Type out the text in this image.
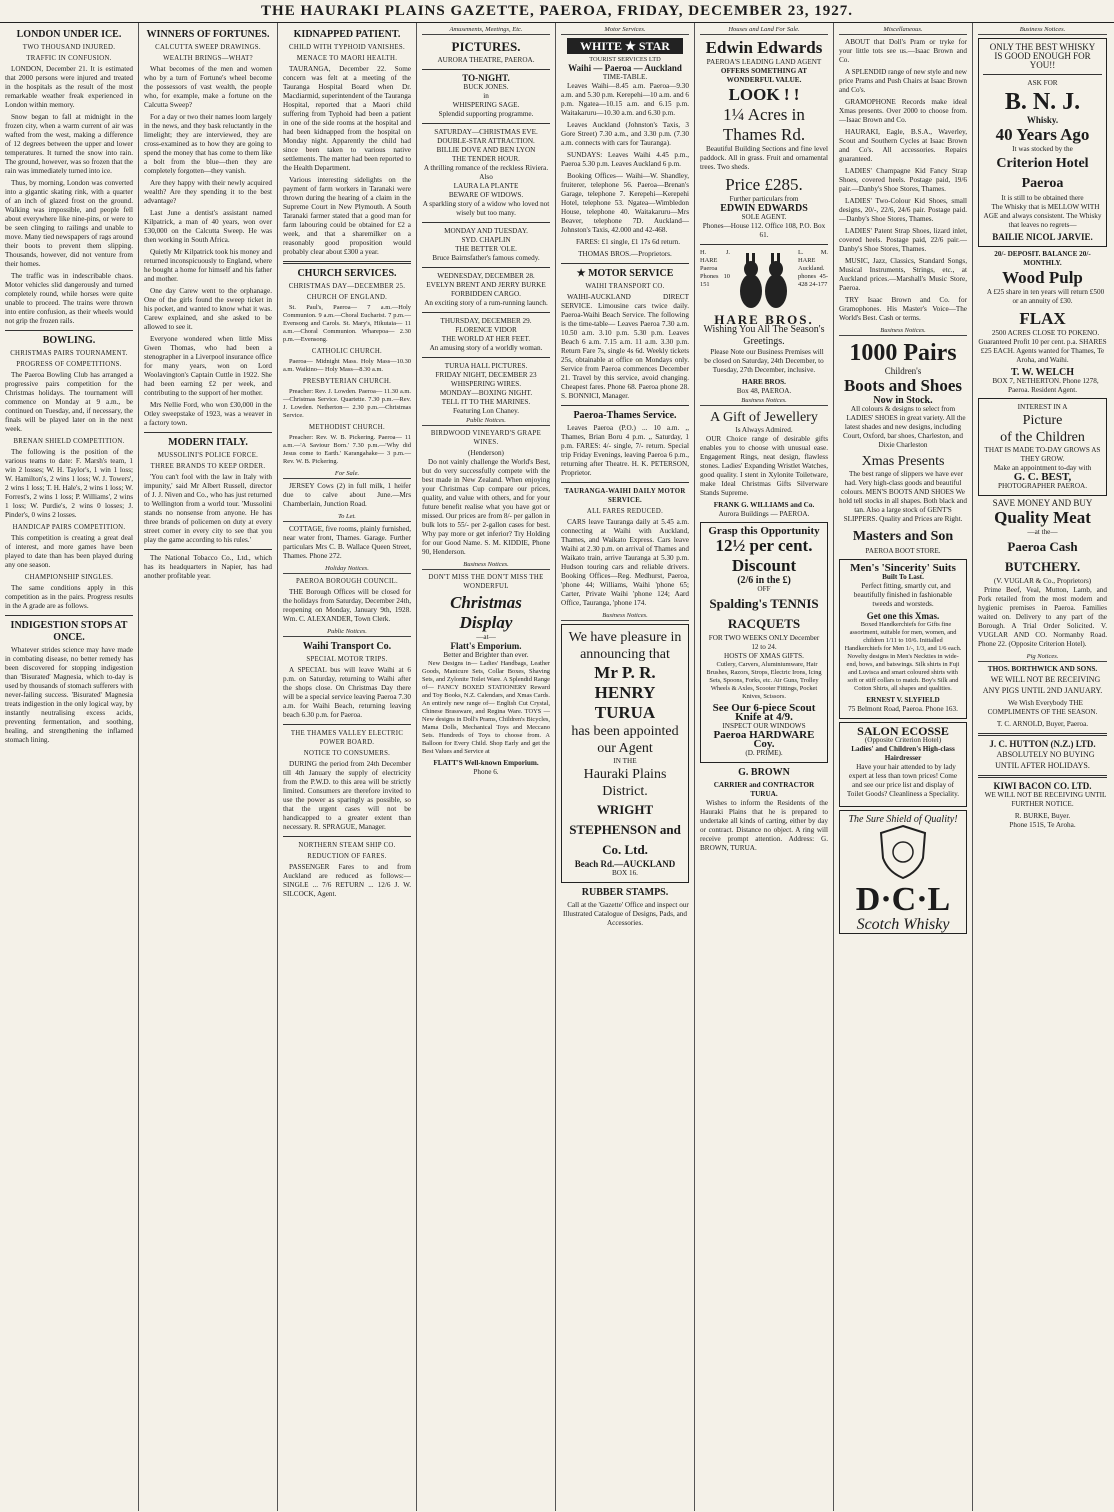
THE HAURAKI PLAINS GAZETTE, PAEROA, FRIDAY, DECEMBER 23, 1927.
LONDON UNDER ICE.
TWO THOUSAND INJURED.
TRAFFIC IN CONFUSION.

LONDON, December 21. It is estimated that 2000 persons were injured and treated in the hospitals as the result of the most remarkable weather freak experienced in London within memory.

Snow began to fall at midnight in the frozen city, when a warm current of air was wafted from the west, making a difference of 12 degrees between the upper and lower temperatures. It turned the snow into rain. The ground, however, was so frozen that the rain was immediately turned into ice.

Thus, by morning, London was converted into a gigantic skating rink, with a quarter of an inch of glazed frost on the ground. Walking was impossible, and people fell about everywhere like nine-pins, or were to be seen clinging to railings and unable to move. Many tied newspapers of rags around their boots to prevent them slipping. Thousands, however, did not venture from their homes.

The traffic was in indescribable chaos. Motor vehicles slid dangerously and turned completely round, while horses were quite unable to proceed. The trains were thrown into entire confusion, as their wheels would not grip the frozen rails.

BOWLING.
CHRISTMAS PAIRS TOURNAMENT.
PROGRESS OF COMPETITIONS.

The Paeroa Bowling Club has arranged a progressive pairs competition for the Christmas holidays. The tournament will commence on Monday at 9 a.m., be continued on Tuesday, and, if necessary, the finals will be played later on in the next week.

BRENAN SHIELD COMPETITION.

The following is the position of the various teams to date: F. Marsh's team, 1 win 2 losses; W. H. Taylor's, 1 win 1 loss; W. Hamilton's, 2 wins 1 loss; W. J. Towers', 2 wins 1 loss; T. H. Hale's, 2 wins 1 loss; W. Forrest's, 2 wins 1 loss; P. Williams', 2 wins 1 loss; W. Purdie's, 2 wins 0 losses; J. Pinder's, 0 wins 2 losses.

HANDICAP PAIRS COMPETITION.

This competition is creating a great deal of interest, and more games have been played to date than has been played during any one season.

CHAMPIONSHIP SINGLES.

The same conditions apply in this competition as in the pairs. Progress results in the A grade are as follows.

INDIGESTION STOPS AT ONCE.

Whatever strides science may have made in combating disease, no better remedy has been discovered for stopping indigestion than 'Bisurated' Magnesia, which to-day is used by thousands of stomach sufferers with never-failing success. 'Bisurated' Magnesia treats indigestion in the only logical way, by instantly neutralising excess acids, preventing fermentation, and soothing, healing, and strengthening the inflamed stomach lining.

WINNERS OF FORTUNES.
CALCUTTA SWEEP DRAWINGS.
WEALTH BRINGS—WHAT?

What becomes of the men and women who by a turn of Fortune's wheel become the possessors of vast wealth, the people who, for example, make a fortune on the Calcutta Sweep?

For a day or two their names loom largely in the news, and they bask reluctantly in the limelight; they are interviewed, they are cross-examined as to how they are going to spend the money that has come to them like a bolt from the blue—then they are completely forgotten—they vanish.

Are they happy with their newly acquired wealth? Are they spending it to the best advantage?

Last June a dentist's assistant named Kilpatrick, a man of 40 years, won over £30,000 on the Calcutta Sweep. He was then working in South Africa.

Quietly Mr Kilpatrick took his money and returned inconspicuously to England, where he bought a home for himself and his father and mother.

One day Carew went to the orphanage. One of the girls found the sweep ticket in his pocket, and wanted to know what it was. Carew explained, and she asked to be allowed to see it.

Everyone wondered when little Miss Gwen Thomas, who had been a stenographer in a Liverpool insurance office for many years, won on Lord Woolavington's Captain Cuttle in 1922. She had been earning £2 per week, and contributing to the support of her mother.

Mrs Nellie Ford, who won £30,000 in the Otley sweepstake of 1923, was a weaver in a factory town.

MODERN ITALY.
MUSSOLINI'S POLICE FORCE.
THREE BRANDS TO KEEP ORDER.

'You can't fool with the law in Italy with impunity,' said Mr Albert Russell, director of J. J. Niven and Co., who has just returned to Wellington from a world tour. 'Mussolini stands no nonsense from anyone. He has three brands of policemen on duty at every street corner in every city to see that you play the game according to his rules.'

The National Tobacco Co., Ltd., which has its headquarters in Napier, has had another profitable year.

KIDNAPPED PATIENT.
CHILD WITH TYPHOID VANISHES.
MENACE TO MAORI HEALTH.

TAURANGA, December 22. Some concern was felt at a meeting of the Tauranga Hospital Board when Dr. Macdiarmid, superintendent of the Tauranga Hospital, reported that a Maori child suffering from Typhoid had been a patient in one of the side rooms at the hospital and had been kidnapped from the hospital on Monday night. Apparently the child had since been taken to various native settlements. The matter had been reported to the Health Department.

Various interesting sidelights on the payment of farm workers in Taranaki were thrown during the hearing of a claim in the Supreme Court in New Plymouth. A South Taranaki farmer stated that a good man for farm labouring could be obtained for £2 a week, and that a sharemilker on a reasonably good proposition would probably clear about £300 a year.

CHURCH SERVICES.
CHRISTMAS DAY—DECEMBER 25.
CHURCH OF ENGLAND.

St. Paul's, Paeroa— 7 a.m.—Holy Communion. 9 a.m.—Choral Eucharist. 7 p.m.—Evensong and Carols. St. Mary's, Hikutaia— 11 a.m.—Choral Communion. Wharepoa— 2.30 p.m.—Evensong.

CATHOLIC CHURCH.

Paeroa— Midnight Mass. Holy Mass—10.30 a.m. Waikino— Holy Mass—8.30 a.m.

PRESBYTERIAN CHURCH.

Preacher: Rev. J. Lowden. Paeroa— 11.30 a.m.—Christmas Service. Quartette. 7.30 p.m.—Rev. J. Lowden. Netherton— 2.30 p.m.—Christmas Service.

METHODIST CHURCH.

Preacher: Rev. W. B. Pickering. Paeroa— 11 a.m.—'A Saviour Born.' 7.30 p.m.—'Why did Jesus come to Earth.' Karangahake— 3 p.m.—Rev. W. B. Pickering.

For Sale.

JERSEY Cows (2) in full milk, 1 heifer due to calve about June.—Mrs Chamberlain, Junction Road.

To Let.

COTTAGE, five rooms, plainly furnished, near water front, Thames. Garage. Further particulars Mrs C. B. Wallace Queen Street, Thames. Phone 272.

Holiday Notices.
PAEROA BOROUGH COUNCIL.

THE Borough Offices will be closed for the holidays from Saturday, December 24th, reopening on Monday, January 9th, 1928. Wm. C. ALEXANDER, Town Clerk.

Public Notices.
Waihi Transport Co.
SPECIAL MOTOR TRIPS.

A SPECIAL bus will leave Waihi at 6 p.m. on Saturday, returning to Waihi after the shops close. On Christmas Day there will be a special service leaving Paeroa 7.30 a.m. for Waihi Beach, returning leaving beach 6.30 p.m. for Paeroa.

THE THAMES VALLEY ELECTRIC POWER BOARD.
NOTICE TO CONSUMERS.

DURING the period from 24th December till 4th January the supply of electricity from the P.W.D. to this area will be strictly limited. Consumers are therefore invited to use the power as sparingly as possible, so that the urgent cases will not be handicapped to a greater extent than necessary. R. SPRAGUE, Manager.

NORTHERN STEAM SHIP CO.
REDUCTION OF FARES.

PASSENGER Fares to and from Auckland are reduced as follows:— SINGLE ... 7/6 RETURN ... 12/6 J. W. SILCOCK, Agent.

Amusements, Meetings, Etc.
PICTURES.
AURORA THEATRE, PAEROA.
TO-NIGHT.
BUCK JONES.
in
WHISPERING SAGE.
Splendid supporting programme.
SATURDAY—CHRISTMAS EVE.
DOUBLE-STAR ATTRACTION.
BILLIE DOVE AND BEN LYON
THE TENDER HOUR.
A thrilling romance of the reckless Riviera.
Also
LAURA LA PLANTE
BEWARE OF WIDOWS.
A sparkling story of a widow who loved not wisely but too many.
MONDAY AND TUESDAY.
SYD. CHAPLIN
THE BETTER 'OLE.
Bruce Bairnsfather's famous comedy.
WEDNESDAY, DECEMBER 28.
EVELYN BRENT AND JERRY BURKE
FORBIDDEN CARGO.
An exciting story of a rum-running launch.
THURSDAY, DECEMBER 29.
FLORENCE VIDOR
THE WORLD AT HER FEET.
An amusing story of a worldly woman.
TURUA HALL PICTURES.
FRIDAY NIGHT, DECEMBER 23
WHISPERING WIRES.
MONDAY—BOXING NIGHT.
TELL IT TO THE MARINES.
Featuring Lon Chaney.
Public Notices.
BIRDWOOD VINEYARD'S GRAPE WINES.
(Henderson)

Do not vainly challenge the World's Best, but do very successfully compete with the best made in New Zealand. When enjoying your Christmas Cup compare our prices, quality, and value with others, and for your future benefit realise what you have got or missed. Our prices are from 8/- per gallon in bulk lots to 55/- per 2-gallon cases for best. Why pay more or get inferior? Try Holding for our Good Name. S. M. KIDDIE, Phone 90, Henderson.

Business Notices.
DON'T MISS THE DON'T MISS THE WONDERFUL
Christmas Display
—at—
Flatt's Emporium.
Better and Brighter than ever.

New Designs in— Ladies' Handbags, Leather Goods, Manicure Sets, Collar Boxes, Shaving Sets, and Zylonite Toilet Ware. A Splendid Range of— FANCY BOXED STATIONERY Reward and Toy Books, N.Z. Calendars, and Xmas Cards. An entirely new range of— English Cut Crystal, Chinese Brassware, and Regina Ware. TOYS — New designs in Doll's Prams, Children's Bicycles, Mama Dolls, Mechanical Toys and Meccano Sets. Hundreds of Toys to choose from. A Balloon for Every Child. Shop Early and get the Best Values and Service at

FLATT'S Well-known Emporium.
Phone 6.
Motor Services.
WHITE ★ STAR
TOURIST SERVICES LTD
Waihi — Paeroa — Auckland
TIME-TABLE.

Leaves Waihi—8.45 a.m. Paeroa—9.30 a.m. and 5.30 p.m. Kerepehi—10 a.m. and 6 p.m. Ngatea—10.15 a.m. and 6.15 p.m. Waitakaruru—10.30 a.m. and 6.30 p.m.

Leaves Auckland (Johnston's Taxis, 3 Gore Street) 7.30 a.m., and 3.30 p.m. (7.30 a.m. connects with cars for Tauranga).

SUNDAYS: Leaves Waihi 4.45 p.m., Paeroa 5.30 p.m. Leaves Auckland 6 p.m.

Booking Offices— Waihi—W. Shandley, fruiterer, telephone 56. Paeroa—Brenan's Garage, telephone 7. Kerepehi—Kerepehi Hotel, telephone 53. Ngatea—Wimbledon House, telephone 40. Waitakaruru—Mrs Beaver, telephone 7D. Auckland—Johnston's Taxis, 42.000 and 42-468.

FARES: £1 single, £1 17s 6d return.

THOMAS BROS.—Proprietors.
★ MOTOR SERVICE
WAIHI TRANSPORT CO.

WAIHI-AUCKLAND DIRECT SERVICE. Limousine cars twice daily. Paeroa-Waihi Beach Service. The following is the time-table— Leaves Paeroa 7.30 a.m. 10.50 a.m. 3.10 p.m. 5.30 p.m. Leaves Beach 6 a.m. 7.15 a.m. 11 a.m. 3.30 p.m. Return Fare 7s, single 4s 6d. Weekly tickets 25s, obtainable at office on Mondays only. Service from Paeroa commences December 21. Travel by this service, avoid changing. Cheapest fares. Phone 68. Paeroa phone 28. S. BONNICI, Manager.

Paeroa-Thames Service.

Leaves Paeroa (P.O.) ... 10 a.m. ,, Thames, Brian Boru 4 p.m. ,, Saturday, 1 p.m. FARES: 4/- single, 7/- return. Special trip Friday Evenings, leaving Paeroa 6 p.m., returning after Theatre. H. K. PETERSON, Proprietor.

TAURANGA-WAIHI DAILY MOTOR SERVICE.
ALL FARES REDUCED.

CARS leave Tauranga daily at 5.45 a.m. connecting at Waihi with Auckland, Thames, and Waikato Express. Cars leave Waihi at 2.30 p.m. on arrival of Thames and Waikato train, arrive Tauranga at 5.30 p.m. Hudson touring cars and reliable drivers. Booking Offices—Reg. Medhurst, Paeroa, 'phone 44; Williams, Waihi 'phone 65; Carter, Private Waihi 'phone 124; Aard Office, Tauranga, 'phone 174.

Business Notices.
We have pleasure in announcing that
Mr P. R. HENRY TURUA
has been appointed our Agent
IN THE
Hauraki Plains District.
WRIGHT STEPHENSON and Co. Ltd.
Beach Rd.—AUCKLAND
BOX 16.
RUBBER STAMPS.

Call at the 'Gazette' Office and inspect our Illustrated Catalogue of Designs, Pads, and Accessories.

Houses and Land For Sale.
Edwin Edwards
PAEROA'S LEADING LAND AGENT
OFFERS SOMETHING AT WONDERFUL VALUE.
LOOK ! !
1¼ Acres in Thames Rd.

Beautiful Building Sections and fine level paddock. All in grass. Fruit and ornamental trees. Two sheds.

Price £285.
Further particulars from
EDWIN EDWARDS
SOLE AGENT.
Phones—House 112. Office 108, P.O. Box 61.
H. J. HARE Paeroa Phones 10 151
L. M. HARE Auckland. phones 45-428 24-177
HARE BROS.
Wishing You All The Season's Greetings.

Please Note our Business Premises will be closed on Saturday, 24th December, to Tuesday, 27th December, inclusive.

HARE BROS.
Box 48, PAEROA.
Business Notices.
A Gift of Jewellery
Is Always Admired.

OUR Choice range of desirable gifts enables you to choose with unusual ease. Engagement Rings, neat design, flawless stones. Ladies' Expanding Wristlet Watches, good quality. I stent in Xylonite Toiletware, make Ideal Christmas Gifts Silverware Stands Supreme.

FRANK G. WILLIAMS and Co.
Aurora Buildings — PAEROA.
Grasp this Opportunity
12½ per cent. Discount
(2/6 in the £)
OFF
Spalding's TENNIS RACQUETS
FOR TWO WEEKS ONLY December 12 to 24.
HOSTS OF XMAS GIFTS.

Cutlery, Carvers, Aluminiumware, Hair Brushes, Razors, Strops, Electric Irons, Icing Sets, Spoons, Forks, etc. Air Guns, Trolley Wheels & Axles, Scooter Fittings, Pocket Knives, Scissors.

See Our 6-piece Scout Knife at 4/9.
INSPECT OUR WINDOWS
Paeroa HARDWARE Coy.
(D. PRIME).
G. BROWN
CARRIER and CONTRACTOR TURUA.

Wishes to inform the Residents of the Hauraki Plains that he is prepared to undertake all kinds of carting, either by day or contract. Distance no object. A ring will receive prompt attention. Address: G. BROWN, TURUA.

Miscellaneous.

ABOUT that Doll's Pram or tryke for your little tots see us.—Isaac Brown and Co.

A SPLENDID range of new style and new price Prams and Push Chairs at Isaac Brown and Co's.

GRAMOPHONE Records make ideal Xmas presents. Over 2000 to choose from.—Isaac Brown and Co.

HAURAKI, Eagle, B.S.A., Waverley, Scout and Southern Cycles at Isaac Brown and Co's. All accessories. Repairs guaranteed.

LADIES' Champagne Kid Fancy Strap Shoes, covered heels. Postage paid, 19/6 pair.—Danby's Shoe Stores, Thames.

LADIES' Two-Colour Kid Shoes, small designs, 20/-, 22/6, 24/6 pair. Postage paid.—Danby's Shoe Stores, Thames.

LADIES' Patent Strap Shoes, lizard inlet, covered heels. Postage paid, 22/6 pair.—Danby's Shoe Stores, Thames.

MUSIC, Jazz, Classics, Standard Songs, Musical Instruments, Strings, etc., at Auckland prices.—Marshall's Music Store, Paeroa.

TRY Isaac Brown and Co. for Gramophones. His Master's Voice—The World's Best. Cash or terms.

Business Notices.
1000 Pairs
Children's
Boots and Shoes
Now in Stock.
All colours & designs to select from

LADIES' SHOES in great variety. All the latest shades and new designs, including Court, Oxford, bar shoes, Charleston, and Dixie Charleston

Xmas Presents

The best range of slippers we have ever had. Very high-class goods and beautiful colours. MEN'S BOOTS AND SHOES We hold tell stocks in all shapes. Both black and tan. Also a large stock of GENT'S SLIPPERS. Quality and Prices are Right.

Masters and Son
PAEROA BOOT STORE.
Men's 'Sincerity' Suits
Built To Last.

Perfect fitting, smartly cut, and beautifully finished in fashionable tweeds and worsteds.

Get one this Xmas.

Boxed Handkerchiefs for Gifts fine assortment, suitable for men, women, and children 1/11 to 10/6. Initialled Handkerchiefs for Men 1/-, 1/3, and 1/6 each. Novelty designs in Men's Neckties in wide-end, bows, and batswings. Silk shirts in Fuji and Luvisca and smart coloured shirts with soft or stiff collars to match. Boy's Silk and Cotton Shirts, all shapes and qualities.

ERNEST V. SLYFIELD
75 Belmont Road, Paeroa. Phone 163.
SALON ECOSSE
(Opposite Criterion Hotel)
Ladies' and Children's High-class Hairdresser

Have your hair attended to by lady expert at less than town prices! Come and see our price list and display of Toilet Goods? Cleanliness a Speciality.

The Sure Shield of Quality!
D·C·L
Scotch Whisky
Business Notices.
ONLY THE BEST WHISKY
IS GOOD ENOUGH FOR YOU!!
ASK FOR
B. N. J.
Whisky.
40 Years Ago
It was stocked by the
Criterion Hotel Paeroa
It is still to be obtained there

The Whisky that is MELLOW WITH AGE and always consistent. The Whisky that leaves no regrets—

BAILIE NICOL JARVIE.
20/- DEPOSIT. BALANCE 20/- MONTHLY.
Wood Pulp

A £25 share in ten years will return £500 or an annuity of £30.

FLAX

2500 ACRES CLOSE TO POKENO. Guaranteed Profit 10 per cent. p.a. SHARES £25 EACH. Agents wanted for Thames, Te Aroha, and Waihi.

T. W. WELCH

BOX 7, NETHERTON. Phone 1278, Paeroa. Resident Agent.

INTEREST IN A
Picture
of the Children
THAT IS MADE TO-DAY GROWS AS THEY GROW.
Make an appointment to-day with
G. C. BEST,
PHOTOGRAPHER PAEROA.
SAVE MONEY AND BUY
Quality Meat
—at the—
Paeroa Cash BUTCHERY.
(V. VUGLAR & Co., Proprietors)

Prime Beef, Veal, Mutton, Lamb, and Pork retailed from the most modern and hygienic premises in Paeroa. Families waited on. Delivery to any part of the Borough. A Trial Order Solicited. V. VUGLAR AND CO. Normanby Road. Phone 22. (Opposite Criterion Hotel).

Pig Notices.
THOS. BORTHWICK AND SONS.

WE WILL NOT BE RECEIVING ANY PIGS UNTIL 2ND JANUARY.

We Wish Everybody THE COMPLIMENTS OF THE SEASON.

T. C. ARNOLD, Buyer, Paeroa.
J. C. HUTTON (N.Z.) LTD.

ABSOLUTELY NO BUYING UNTIL AFTER HOLIDAYS.

KIWI BACON CO. LTD.

WE WILL NOT BE RECEIVING UNTIL FURTHER NOTICE.

R. BURKE, Buyer.
Phone 151S, Te Aroha.
